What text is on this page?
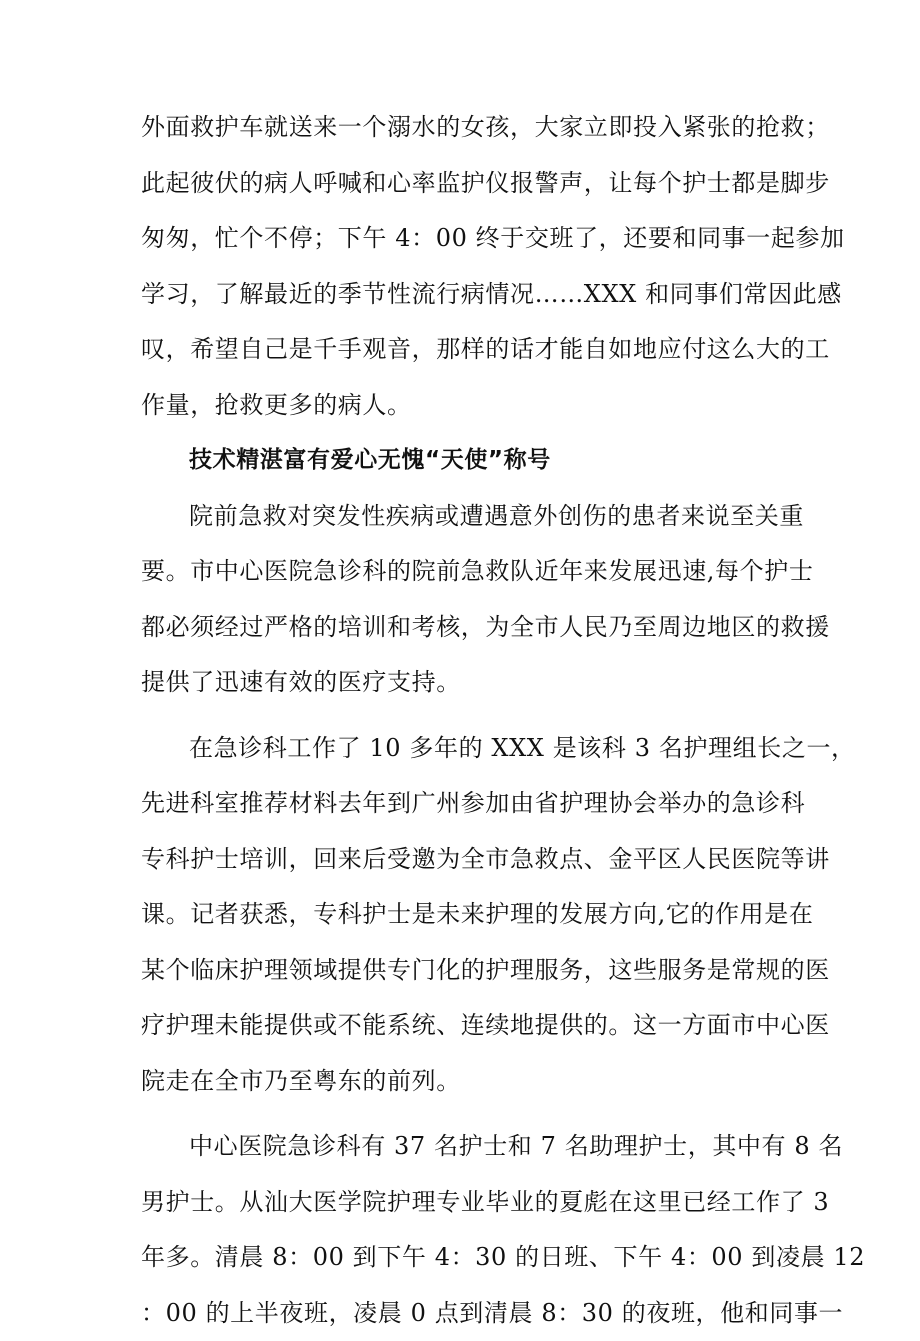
外面救护车就送来一个溺水的女孩，大家立即投入紧张的抢救；
此起彼伏的病人呼喊和心率监护仪报警声，让每个护士都是脚步
匆匆，忙个不停；下午 4：00 终于交班了，还要和同事一起参加
学习，了解最近的季节性流行病情况……XXX 和同事们常因此感
叹，希望自己是千手观音，那样的话才能自如地应付这么大的工
作量，抢救更多的病人。
技术精湛富有爱心无愧“天使”称号
院前急救对突发性疾病或遭遇意外创伤的患者来说至关重
要。市中心医院急诊科的院前急救队近年来发展迅速,每个护士
都必须经过严格的培训和考核，为全市人民乃至周边地区的救援
提供了迅速有效的医疗支持。
在急诊科工作了 10 多年的 XXX 是该科 3 名护理组长之一，
先进科室推荐材料去年到广州参加由省护理协会举办的急诊科
专科护士培训，回来后受邀为全市急救点、金平区人民医院等讲
课。记者获悉，专科护士是未来护理的发展方向,它的作用是在
某个临床护理领域提供专门化的护理服务，这些服务是常规的医
疗护理未能提供或不能系统、连续地提供的。这一方面市中心医
院走在全市乃至粤东的前列。
中心医院急诊科有 37 名护士和 7 名助理护士，其中有 8 名
男护士。从汕大医学院护理专业毕业的夏彪在这里已经工作了 3
年多。清晨 8：00 到下午 4：30 的日班、下午 4：00 到凌晨 12
：00 的上半夜班，凌晨 0 点到清晨 8：30 的夜班，他和同事一
